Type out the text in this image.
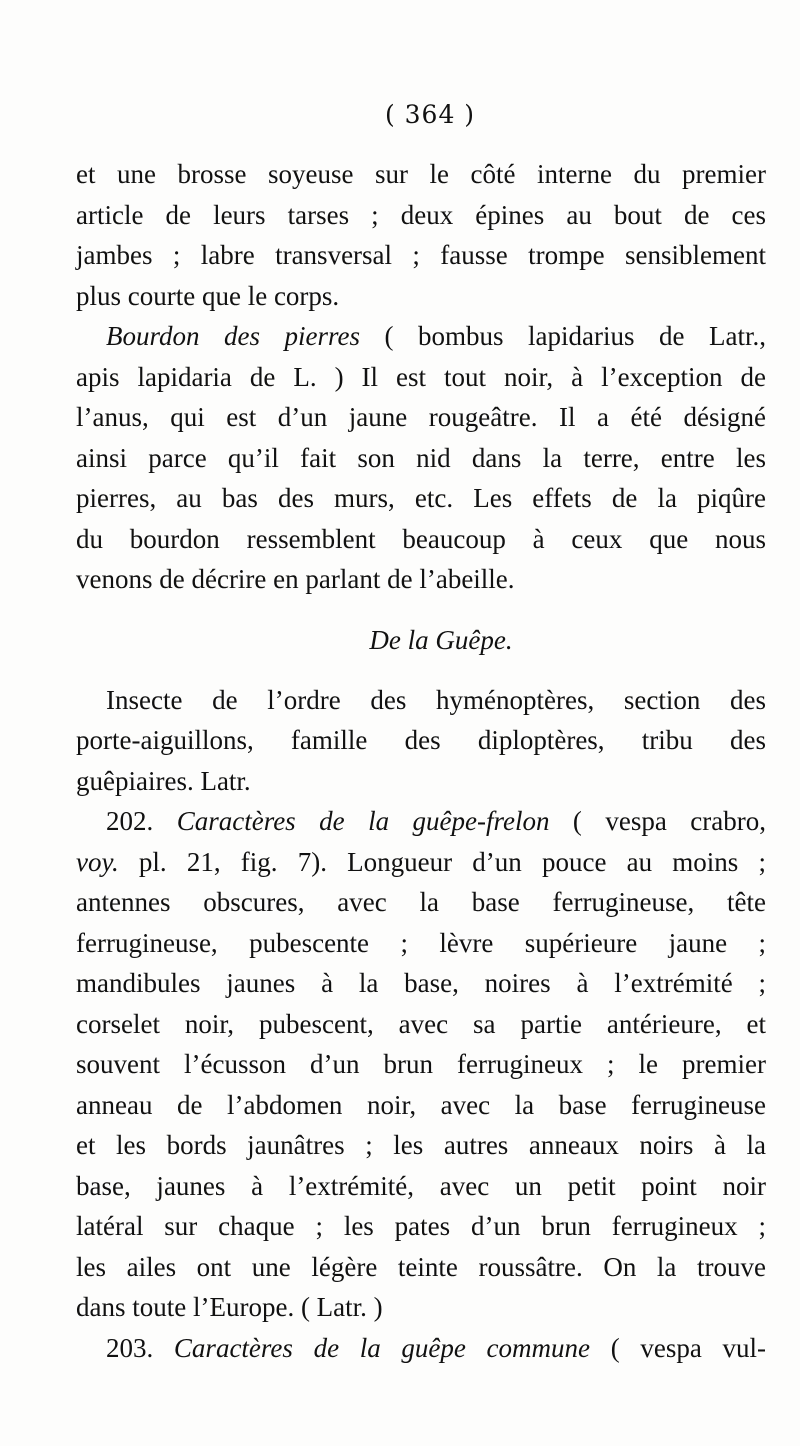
( 364 )
et une brosse soyeuse sur le côté interne du premier
article de leurs tarses ; deux épines au bout de ces
jambes ; labre transversal ; fausse trompe sensiblement
plus courte que le corps.
Bourdon des pierres ( bombus lapidarius de Latr.,
apis lapidaria de L. ) Il est tout noir, à l’exception de
l’anus, qui est d’un jaune rougeâtre. Il a été désigné
ainsi parce qu’il fait son nid dans la terre, entre les
pierres, au bas des murs, etc. Les effets de la piqûre
du bourdon ressemblent beaucoup à ceux que nous
venons de décrire en parlant de l’abeille.
De la Guêpe.
Insecte de l’ordre des hyménoptères, section des
porte-aiguillons, famille des diploptères, tribu des
guêpiaires. Latr.
202. Caractères de la guêpe-frelon ( vespa crabro,
voy. pl. 21, fig. 7). Longueur d’un pouce au moins ;
antennes obscures, avec la base ferrugineuse, tête
ferrugineuse, pubescente ; lèvre supérieure jaune ;
mandibules jaunes à la base, noires à l’extrémité ;
corselet noir, pubescent, avec sa partie antérieure, et
souvent l’écusson d’un brun ferrugineux ; le premier
anneau de l’abdomen noir, avec la base ferrugineuse
et les bords jaunâtres ; les autres anneaux noirs à la
base, jaunes à l’extrémité, avec un petit point noir
latéral sur chaque ; les pates d’un brun ferrugineux ;
les ailes ont une légère teinte roussâtre. On la trouve
dans toute l’Europe. ( Latr. )
203. Caractères de la guêpe commune ( vespa vul-
